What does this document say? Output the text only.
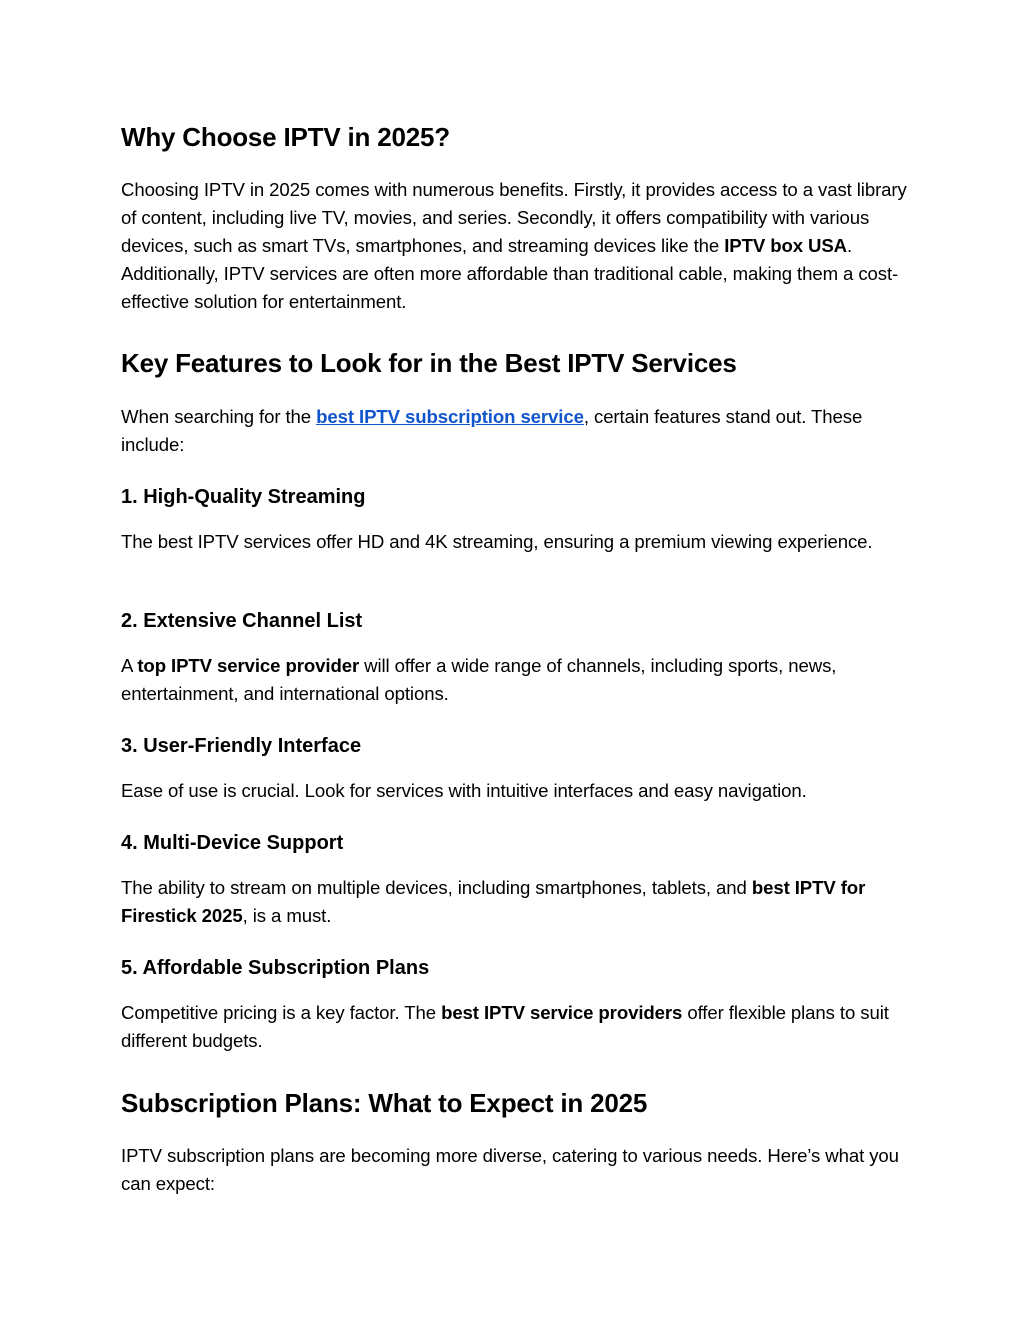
Why Choose IPTV in 2025?

Choosing IPTV in 2025 comes with numerous benefits. Firstly, it provides access to a vast library of content, including live TV, movies, and series. Secondly, it offers compatibility with various devices, such as smart TVs, smartphones, and streaming devices like the IPTV box USA. Additionally, IPTV services are often more affordable than traditional cable, making them a cost-effective solution for entertainment.

Key Features to Look for in the Best IPTV Services

When searching for the best IPTV subscription service, certain features stand out. These include:

1. High-Quality Streaming

The best IPTV services offer HD and 4K streaming, ensuring a premium viewing experience.

2. Extensive Channel List

A top IPTV service provider will offer a wide range of channels, including sports, news, entertainment, and international options.

3. User-Friendly Interface

Ease of use is crucial. Look for services with intuitive interfaces and easy navigation.

4. Multi-Device Support

The ability to stream on multiple devices, including smartphones, tablets, and best IPTV for Firestick 2025, is a must.

5. Affordable Subscription Plans

Competitive pricing is a key factor. The best IPTV service providers offer flexible plans to suit different budgets.

Subscription Plans: What to Expect in 2025

IPTV subscription plans are becoming more diverse, catering to various needs. Here’s what you can expect:
